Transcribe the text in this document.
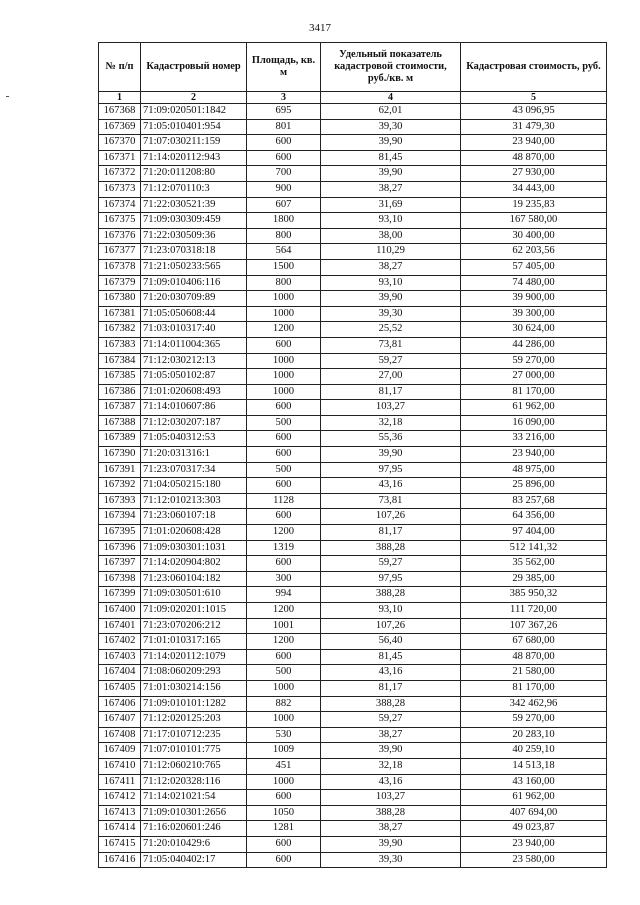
3417
№ п/п	Кадастровый номер	Площадь, кв. м	Удельный показатель кадастровой стоимости, руб./кв. м	Кадастровая стоимость, руб.
1	2	3	4	5
167368	71:09:020501:1842	695	62,01	43 096,95
167369	71:05:010401:954	801	39,30	31 479,30
167370	71:07:030211:159	600	39,90	23 940,00
167371	71:14:020112:943	600	81,45	48 870,00
167372	71:20:011208:80	700	39,90	27 930,00
167373	71:12:070110:3	900	38,27	34 443,00
167374	71:22:030521:39	607	31,69	19 235,83
167375	71:09:030309:459	1800	93,10	167 580,00
167376	71:22:030509:36	800	38,00	30 400,00
167377	71:23:070318:18	564	110,29	62 203,56
167378	71:21:050233:565	1500	38,27	57 405,00
167379	71:09:010406:116	800	93,10	74 480,00
167380	71:20:030709:89	1000	39,90	39 900,00
167381	71:05:050608:44	1000	39,30	39 300,00
167382	71:03:010317:40	1200	25,52	30 624,00
167383	71:14:011004:365	600	73,81	44 286,00
167384	71:12:030212:13	1000	59,27	59 270,00
167385	71:05:050102:87	1000	27,00	27 000,00
167386	71:01:020608:493	1000	81,17	81 170,00
167387	71:14:010607:86	600	103,27	61 962,00
167388	71:12:030207:187	500	32,18	16 090,00
167389	71:05:040312:53	600	55,36	33 216,00
167390	71:20:031316:1	600	39,90	23 940,00
167391	71:23:070317:34	500	97,95	48 975,00
167392	71:04:050215:180	600	43,16	25 896,00
167393	71:12:010213:303	1128	73,81	83 257,68
167394	71:23:060107:18	600	107,26	64 356,00
167395	71:01:020608:428	1200	81,17	97 404,00
167396	71:09:030301:1031	1319	388,28	512 141,32
167397	71:14:020904:802	600	59,27	35 562,00
167398	71:23:060104:182	300	97,95	29 385,00
167399	71:09:030501:610	994	388,28	385 950,32
167400	71:09:020201:1015	1200	93,10	111 720,00
167401	71:23:070206:212	1001	107,26	107 367,26
167402	71:01:010317:165	1200	56,40	67 680,00
167403	71:14:020112:1079	600	81,45	48 870,00
167404	71:08:060209:293	500	43,16	21 580,00
167405	71:01:030214:156	1000	81,17	81 170,00
167406	71:09:010101:1282	882	388,28	342 462,96
167407	71:12:020125:203	1000	59,27	59 270,00
167408	71:17:010712:235	530	38,27	20 283,10
167409	71:07:010101:775	1009	39,90	40 259,10
167410	71:12:060210:765	451	32,18	14 513,18
167411	71:12:020328:116	1000	43,16	43 160,00
167412	71:14:021021:54	600	103,27	61 962,00
167413	71:09:010301:2656	1050	388,28	407 694,00
167414	71:16:020601:246	1281	38,27	49 023,87
167415	71:20:010429:6	600	39,90	23 940,00
167416	71:05:040402:17	600	39,30	23 580,00
